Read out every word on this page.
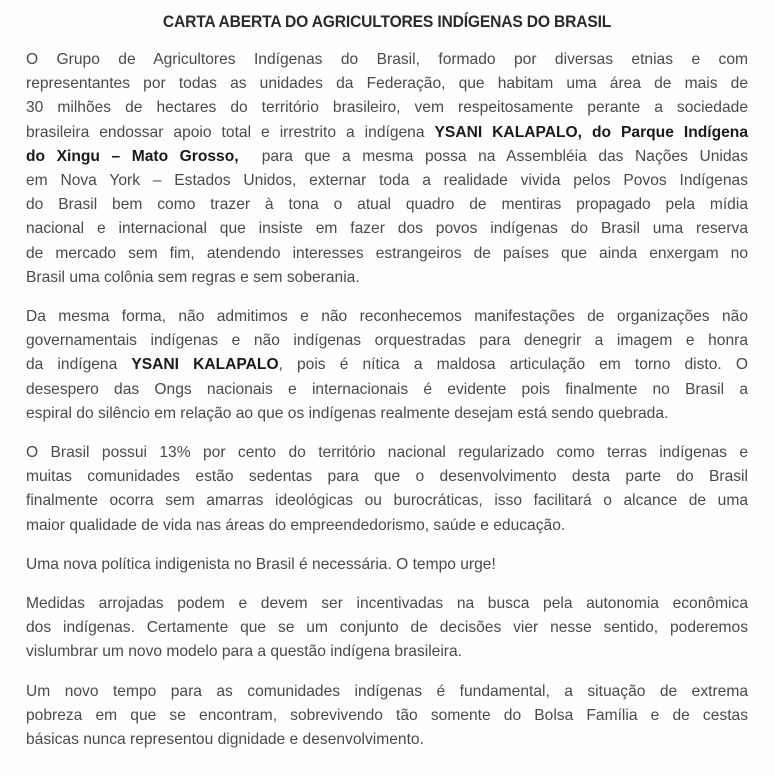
CARTA ABERTA DO AGRICULTORES INDÍGENAS DO BRASIL

O Grupo de Agricultores Indígenas do Brasil, formado por diversas etnias e com
representantes por todas as unidades da Federação, que habitam uma área de mais de
30 milhões de hectares do território brasileiro, vem respeitosamente perante a sociedade
brasileira endossar apoio total e irrestrito a indígena YSANI KALAPALO, do Parque Indígena
do Xingu – Mato Grosso,  para que a mesma possa na Assembléia das Nações Unidas
em Nova York – Estados Unidos, externar toda a realidade vivida pelos Povos Indígenas
do Brasil bem como trazer à tona o atual quadro de mentiras propagado pela mídia
nacional e internacional que insiste em fazer dos povos indígenas do Brasil uma reserva
de mercado sem fim, atendendo interesses estrangeiros de países que ainda enxergam no
Brasil uma colônia sem regras e sem soberania.

Da mesma forma, não admitimos e não reconhecemos manifestações de organizações não
governamentais indígenas e não indígenas orquestradas para denegrir a imagem e honra
da indígena YSANI KALAPALO, pois é nítica a maldosa articulação em torno disto. O
desespero das Ongs nacionais e internacionais é evidente pois finalmente no Brasil a
espiral do silêncio em relação ao que os indígenas realmente desejam está sendo quebrada.

O Brasil possui 13% por cento do território nacional regularizado como terras indígenas e
muitas comunidades estão sedentas para que o desenvolvimento desta parte do Brasil
finalmente ocorra sem amarras ideológicas ou burocráticas, isso facilitará o alcance de uma
maior qualidade de vida nas áreas do empreendedorismo, saúde e educação.

Uma nova política indigenista no Brasil é necessária. O tempo urge!

Medidas arrojadas podem e devem ser incentivadas na busca pela autonomia econômica
dos indígenas. Certamente que se um conjunto de decisões vier nesse sentido, poderemos
vislumbrar um novo modelo para a questão indígena brasileira.

Um novo tempo para as comunidades indígenas é fundamental, a situação de extrema
pobreza em que se encontram, sobrevivendo tão somente do Bolsa Família e de cestas
básicas nunca representou dignidade e desenvolvimento.
